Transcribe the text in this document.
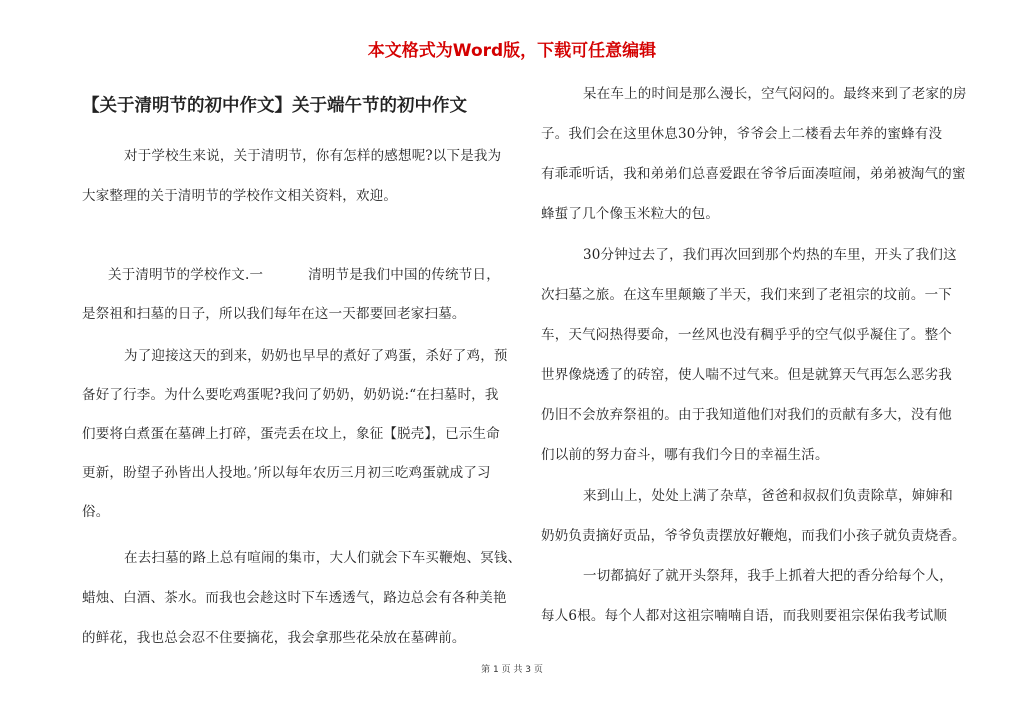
本文格式为Word版，下载可任意编辑
【关于清明节的初中作文】关于端午节的初中作文

对于学校生来说，关于清明节，你有怎样的感想呢?以下是我为

大家整理的关于清明节的学校作文相关资料，欢迎。

关于清明节的学校作文.一          清明节是我们中国的传统节日，

是祭祖和扫墓的日子，所以我们每年在这一天都要回老家扫墓。

为了迎接这天的到来，奶奶也早早的煮好了鸡蛋，杀好了鸡，预

备好了行李。为什么要吃鸡蛋呢?我问了奶奶，奶奶说:“在扫墓时，我

们要将白煮蛋在墓碑上打碎，蛋壳丢在坟上，象征【脱壳】，已示生命

更新，盼望子孙皆出人投地。’所以每年农历三月初三吃鸡蛋就成了习

俗。

在去扫墓的路上总有喧闹的集市，大人们就会下车买鞭炮、冥钱、

蜡烛、白酒、茶水。而我也会趁这时下车透透气，路边总会有各种美艳

的鲜花，我也总会忍不住要摘花，我会拿那些花朵放在墓碑前。

呆在车上的时间是那么漫长，空气闷闷的。最终来到了老家的房

子。我们会在这里休息30分钟，爷爷会上二楼看去年养的蜜蜂有没

有乖乖听话，我和弟弟们总喜爱跟在爷爷后面凑喧闹，弟弟被淘气的蜜

蜂蜇了几个像玉米粒大的包。

30分钟过去了，我们再次回到那个灼热的车里，开头了我们这

次扫墓之旅。在这车里颠簸了半天，我们来到了老祖宗的坟前。一下

车，天气闷热得要命，一丝风也没有稠乎乎的空气似乎凝住了。整个

世界像烧透了的砖窑，使人喘不过气来。但是就算天气再怎么恶劣我

仍旧不会放弃祭祖的。由于我知道他们对我们的贡献有多大，没有他

们以前的努力奋斗，哪有我们今日的幸福生活。

来到山上，处处上满了杂草，爸爸和叔叔们负责除草，婶婶和

奶奶负责摘好贡品，爷爷负责摆放好鞭炮，而我们小孩子就负责烧香。

一切都搞好了就开头祭拜，我手上抓着大把的香分给每个人，

每人6根。每个人都对这祖宗喃喃自语，而我则要祖宗保佑我考试顺

第 1 页 共 3 页
